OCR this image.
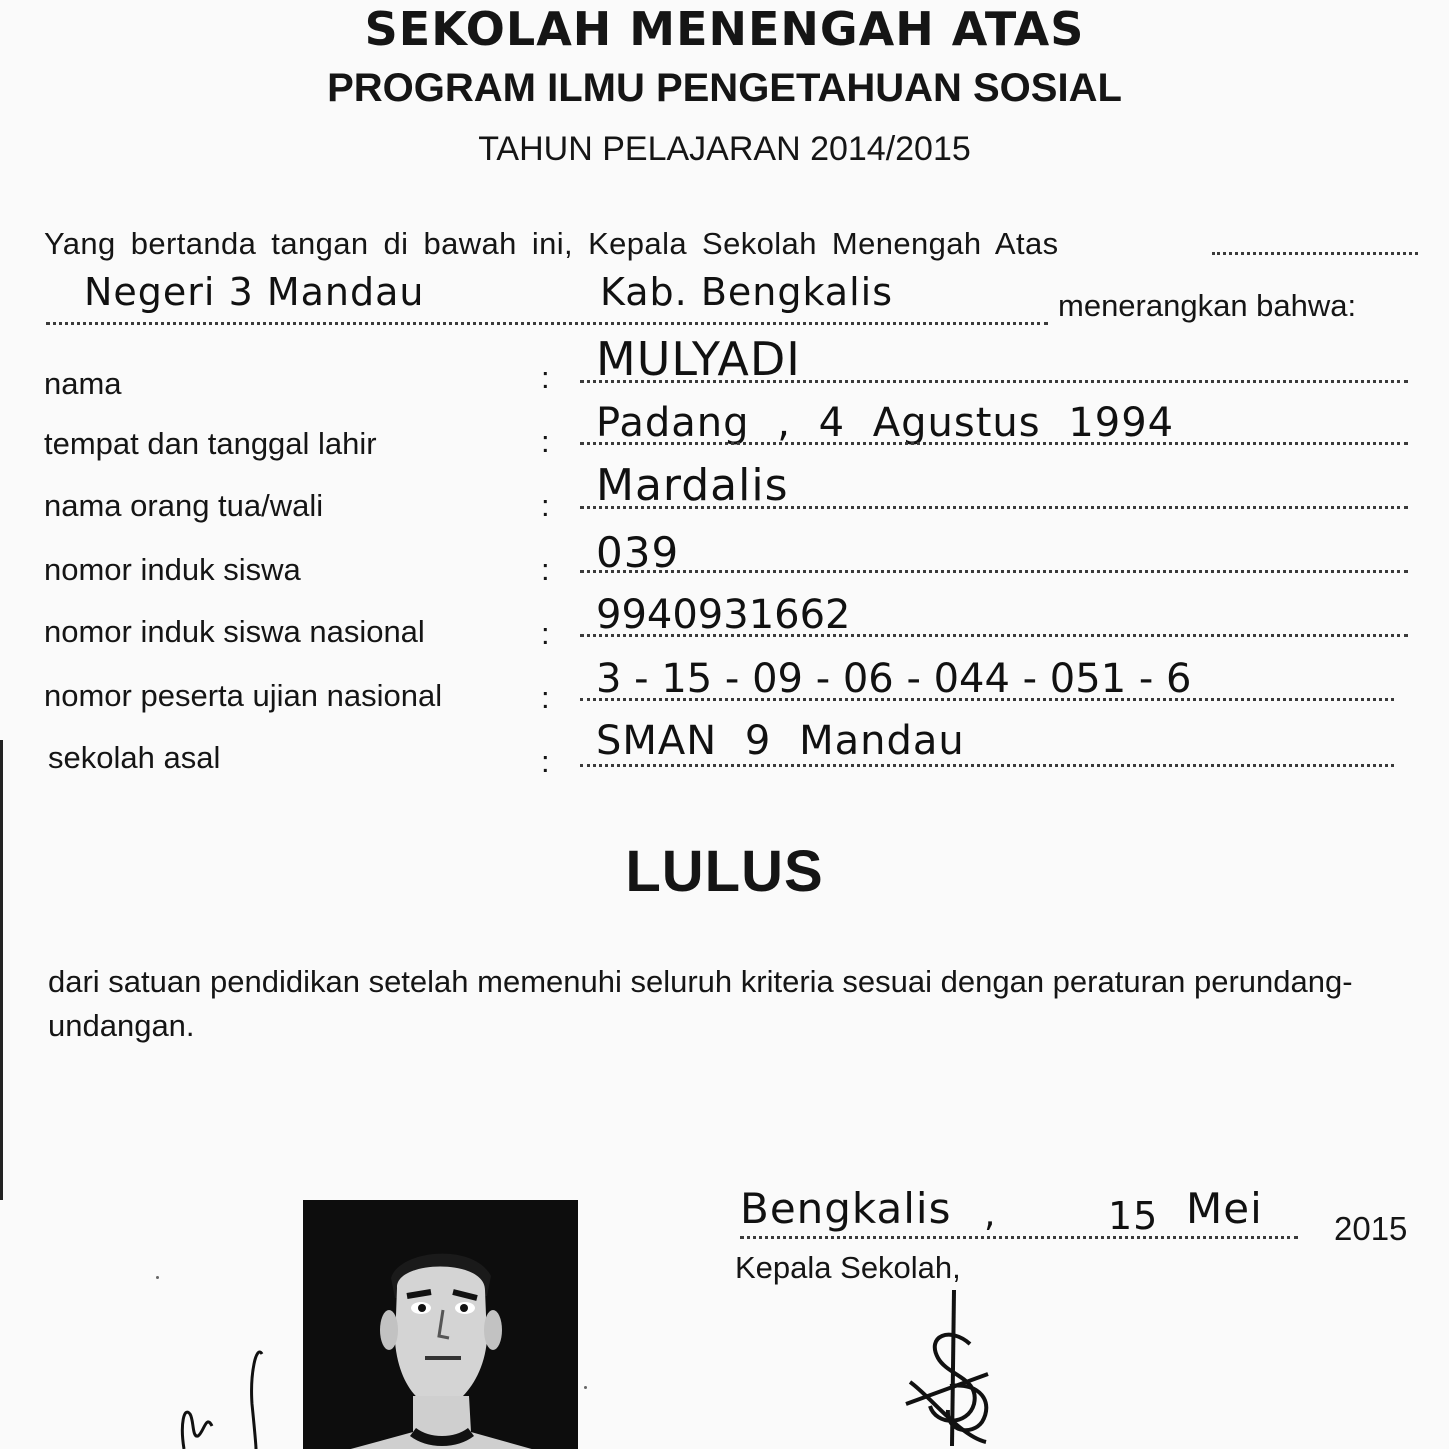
SEKOLAH MENENGAH ATAS
PROGRAM ILMU PENGETAHUAN SOSIAL
TAHUN PELAJARAN 2014/2015
Yang bertanda tangan di bawah ini, Kepala Sekolah Menengah Atas
Negeri 3 Mandau	Kab. Bengkalis	menerangkan bahwa:
nama	: MULYADI
tempat dan tanggal lahir	: Padang , 4 Agustus 1994
nama orang tua/wali	: Mardalis
nomor induk siswa	: 039
nomor induk siswa nasional	: 9940931662
nomor peserta ujian nasional	: 3 - 15 - 09 - 06 - 044 - 051 - 6
sekolah asal	: SMAN 9 Mandau
LULUS
dari satuan pendidikan setelah memenuhi seluruh kriteria sesuai dengan peraturan perundang-undangan.
Bengkalis ,	15 Mei 2015
Kepala Sekolah,
